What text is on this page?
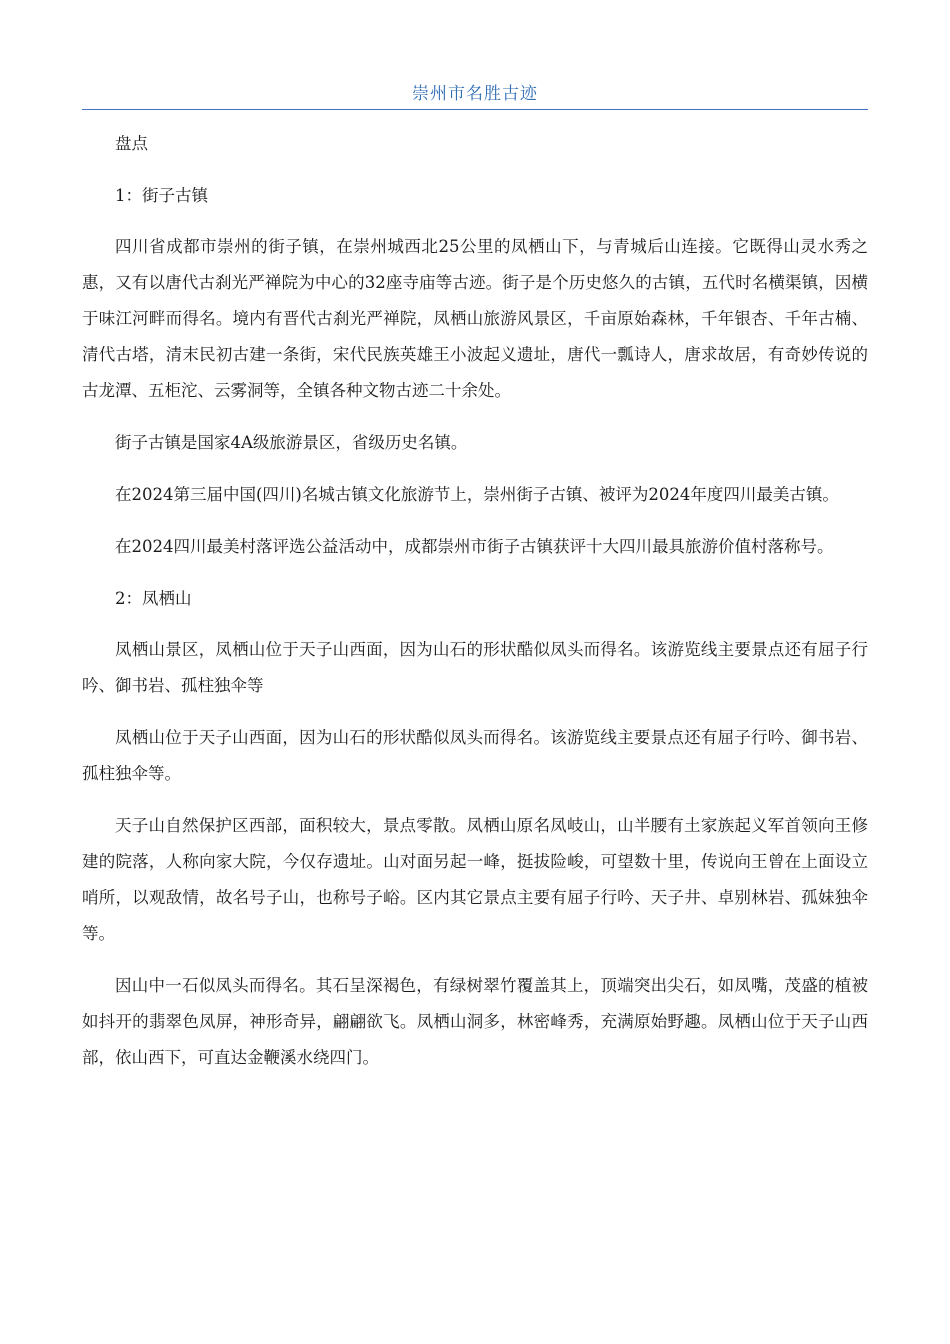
崇州市名胜古迹

盘点

1：街子古镇

四川省成都市崇州的街子镇，在崇州城西北25公里的凤栖山下，与青城后山连接。它既得山灵水秀之惠，又有以唐代古刹光严禅院为中心的32座寺庙等古迹。街子是个历史悠久的古镇，五代时名横渠镇，因横于味江河畔而得名。境内有晋代古刹光严禅院，凤栖山旅游风景区，千亩原始森林，千年银杏、千年古楠、清代古塔，清末民初古建一条街，宋代民族英雄王小波起义遗址，唐代一瓢诗人，唐求故居，有奇妙传说的古龙潭、五柜沱、云雾洞等，全镇各种文物古迹二十余处。

街子古镇是国家4A级旅游景区，省级历史名镇。

在2024第三届中国(四川)名城古镇文化旅游节上，崇州街子古镇、被评为2024年度四川最美古镇。

在2024四川最美村落评选公益活动中，成都崇州市街子古镇获评十大四川最具旅游价值村落称号。

2：凤栖山

凤栖山景区，凤栖山位于天子山西面，因为山石的形状酷似凤头而得名。该游览线主要景点还有屈子行吟、御书岩、孤柱独伞等

凤栖山位于天子山西面，因为山石的形状酷似凤头而得名。该游览线主要景点还有屈子行吟、御书岩、孤柱独伞等。

天子山自然保护区西部，面积较大，景点零散。凤栖山原名凤岐山，山半腰有土家族起义军首领向王修建的院落，人称向家大院，今仅存遗址。山对面另起一峰，挺拔险峻，可望数十里，传说向王曾在上面设立哨所，以观敌情，故名号子山，也称号子峪。区内其它景点主要有屈子行吟、天子井、卓别林岩、孤妹独伞等。

因山中一石似凤头而得名。其石呈深褐色，有绿树翠竹覆盖其上，顶端突出尖石，如凤嘴，茂盛的植被如抖开的翡翠色凤屏，神形奇异，翩翩欲飞。凤栖山洞多，林密峰秀，充满原始野趣。凤栖山位于天子山西部，依山西下，可直达金鞭溪水绕四门。
